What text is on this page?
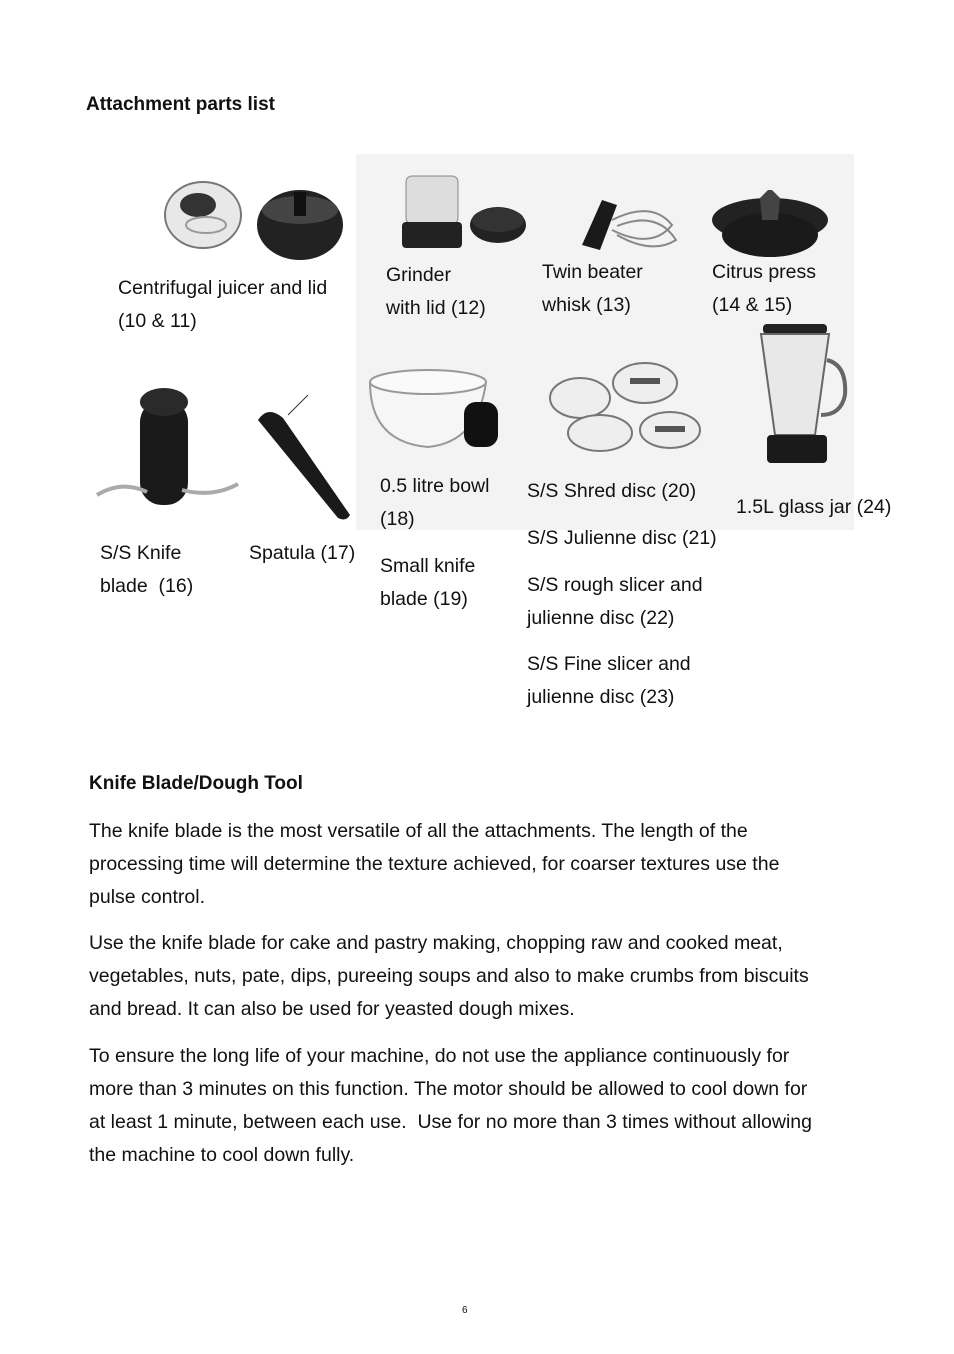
Attachment parts list
Centrifugal juicer and lid
(10 & 11)
Grinder
with lid (12)
Twin beater
whisk (13)
Citrus press
(14 & 15)
S/S Knife
blade  (16)
Spatula (17)
0.5 litre bowl
(18)
Small knife
blade (19)
S/S Shred disc (20)
S/S Julienne disc (21)
S/S rough slicer and
julienne disc (22)
S/S Fine slicer and
julienne disc (23)
1.5L glass jar (24)
Knife Blade/Dough Tool
The knife blade is the most versatile of all the attachments. The length of the
processing time will determine the texture achieved, for coarser textures use the
pulse control.
Use the knife blade for cake and pastry making, chopping raw and cooked meat,
vegetables, nuts, pate, dips, pureeing soups and also to make crumbs from biscuits
and bread. It can also be used for yeasted dough mixes.
To ensure the long life of your machine, do not use the appliance continuously for
more than 3 minutes on this function. The motor should be allowed to cool down for
at least 1 minute, between each use.  Use for no more than 3 times without allowing
the machine to cool down fully.
6
